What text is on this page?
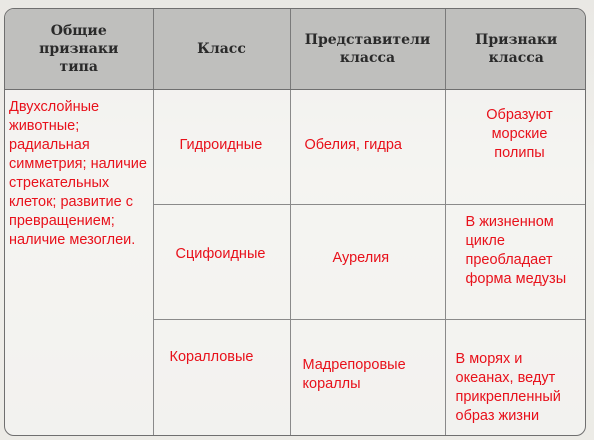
Общие признаки типа	Класс	Представители класса	Признаки класса

Двухслойные животные; радиальная симметрия; наличие стрекательных клеток; развитие с превращением; наличие мезоглеи.	Гидроидные	Обелия, гидра	Образуют морские полипы

	Сцифоидные	Аурелия	В жизненном цикле преобладает форма медузы

	Коралловые	Мадрепоровые кораллы	В морях и океанах, ведут прикрепленный образ жизни
